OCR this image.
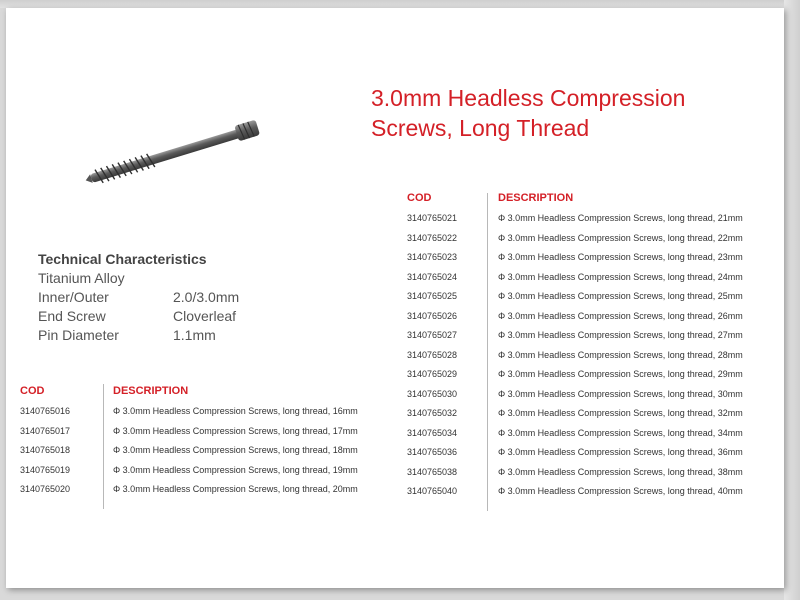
3.0mm Headless Compression
Screws, Long Thread
Technical Characteristics
Titanium Alloy
Inner/Outer	2.0/3.0mm
End Screw	Cloverleaf
Pin Diameter	1.1mm
COD	DESCRIPTION
3140765016	Φ 3.0mm Headless Compression Screws, long thread, 16mm
3140765017	Φ 3.0mm Headless Compression Screws, long thread, 17mm
3140765018	Φ 3.0mm Headless Compression Screws, long thread, 18mm
3140765019	Φ 3.0mm Headless Compression Screws, long thread, 19mm
3140765020	Φ 3.0mm Headless Compression Screws, long thread, 20mm
COD	DESCRIPTION
3140765021	Φ 3.0mm Headless Compression Screws, long thread, 21mm
3140765022	Φ 3.0mm Headless Compression Screws, long thread, 22mm
3140765023	Φ 3.0mm Headless Compression Screws, long thread, 23mm
3140765024	Φ 3.0mm Headless Compression Screws, long thread, 24mm
3140765025	Φ 3.0mm Headless Compression Screws, long thread, 25mm
3140765026	Φ 3.0mm Headless Compression Screws, long thread, 26mm
3140765027	Φ 3.0mm Headless Compression Screws, long thread, 27mm
3140765028	Φ 3.0mm Headless Compression Screws, long thread, 28mm
3140765029	Φ 3.0mm Headless Compression Screws, long thread, 29mm
3140765030	Φ 3.0mm Headless Compression Screws, long thread, 30mm
3140765032	Φ 3.0mm Headless Compression Screws, long thread, 32mm
3140765034	Φ 3.0mm Headless Compression Screws, long thread, 34mm
3140765036	Φ 3.0mm Headless Compression Screws, long thread, 36mm
3140765038	Φ 3.0mm Headless Compression Screws, long thread, 38mm
3140765040	Φ 3.0mm Headless Compression Screws, long thread, 40mm
